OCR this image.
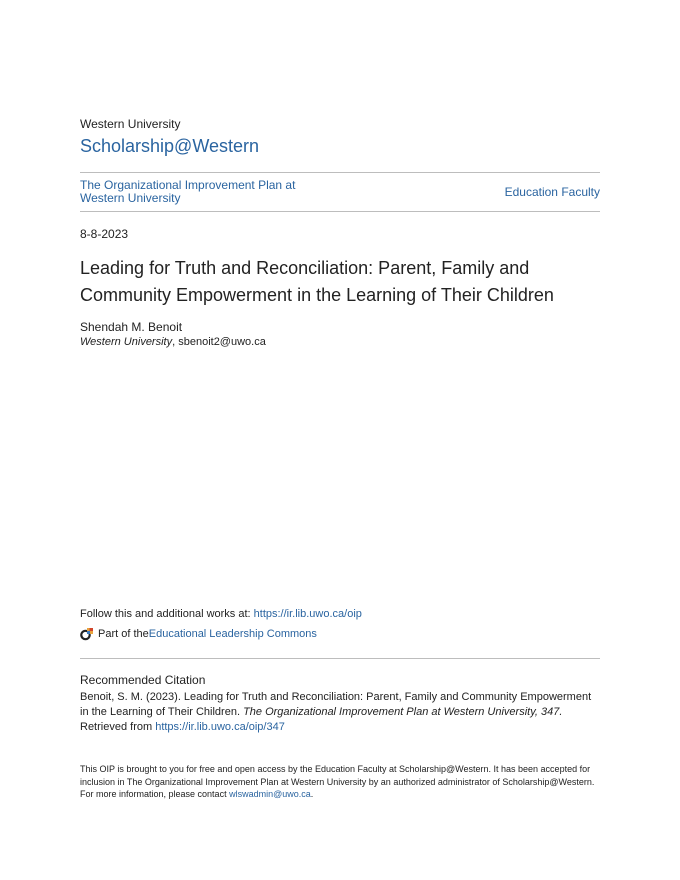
Western University
Scholarship@Western
The Organizational Improvement Plan at Western University	Education Faculty
8-8-2023
Leading for Truth and Reconciliation: Parent, Family and Community Empowerment in the Learning of Their Children
Shendah M. Benoit
Western University, sbenoit2@uwo.ca
Follow this and additional works at: https://ir.lib.uwo.ca/oip
Part of the Educational Leadership Commons
Recommended Citation
Benoit, S. M. (2023). Leading for Truth and Reconciliation: Parent, Family and Community Empowerment in the Learning of Their Children. The Organizational Improvement Plan at Western University, 347.
Retrieved from https://ir.lib.uwo.ca/oip/347
This OIP is brought to you for free and open access by the Education Faculty at Scholarship@Western. It has been accepted for inclusion in The Organizational Improvement Plan at Western University by an authorized administrator of Scholarship@Western. For more information, please contact wlswadmin@uwo.ca.
